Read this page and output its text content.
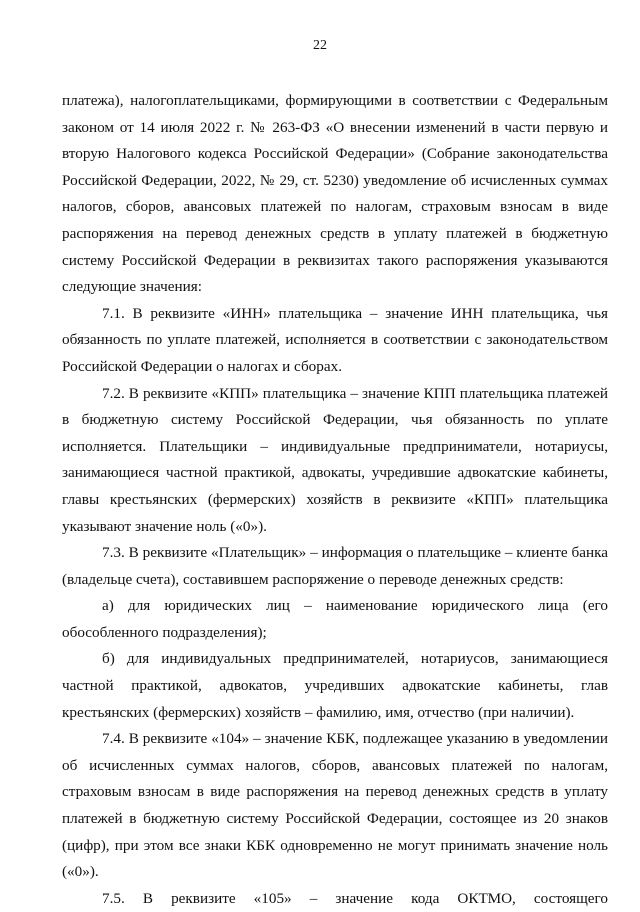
22

платежа), налогоплательщиками, формирующими в соответствии с Федеральным законом от 14 июля 2022 г. № 263-ФЗ «О внесении изменений в части первую и вторую Налогового кодекса Российской Федерации» (Собрание законодательства Российской Федерации, 2022, № 29, ст. 5230) уведомление об исчисленных суммах налогов, сборов, авансовых платежей по налогам, страховым взносам в виде распоряжения на перевод денежных средств в уплату платежей в бюджетную систему Российской Федерации в реквизитах такого распоряжения указываются следующие значения:

7.1. В реквизите «ИНН» плательщика – значение ИНН плательщика, чья обязанность по уплате платежей, исполняется в соответствии с законодательством Российской Федерации о налогах и сборах.

7.2. В реквизите «КПП» плательщика – значение КПП плательщика платежей в бюджетную систему Российской Федерации, чья обязанность по уплате исполняется. Плательщики – индивидуальные предприниматели, нотариусы, занимающиеся частной практикой, адвокаты, учредившие адвокатские кабинеты, главы крестьянских (фермерских) хозяйств в реквизите «КПП» плательщика указывают значение ноль («0»).

7.3. В реквизите «Плательщик» – информация о плательщике – клиенте банка (владельце счета), составившем распоряжение о переводе денежных средств:

а) для юридических лиц – наименование юридического лица (его обособленного подразделения);

б) для индивидуальных предпринимателей, нотариусов, занимающиеся частной практикой, адвокатов, учредивших адвокатские кабинеты, глав крестьянских (фермерских) хозяйств – фамилию, имя, отчество (при наличии).

7.4. В реквизите «104» – значение КБК, подлежащее указанию в уведомлении об исчисленных суммах налогов, сборов, авансовых платежей по налогам, страховым взносам в виде распоряжения на перевод денежных средств в уплату платежей в бюджетную систему Российской Федерации, состоящее из 20 знаков (цифр), при этом все знаки КБК одновременно не могут принимать значение ноль («0»).

7.5. В реквизите «105» – значение кода ОКТМО, состоящего
